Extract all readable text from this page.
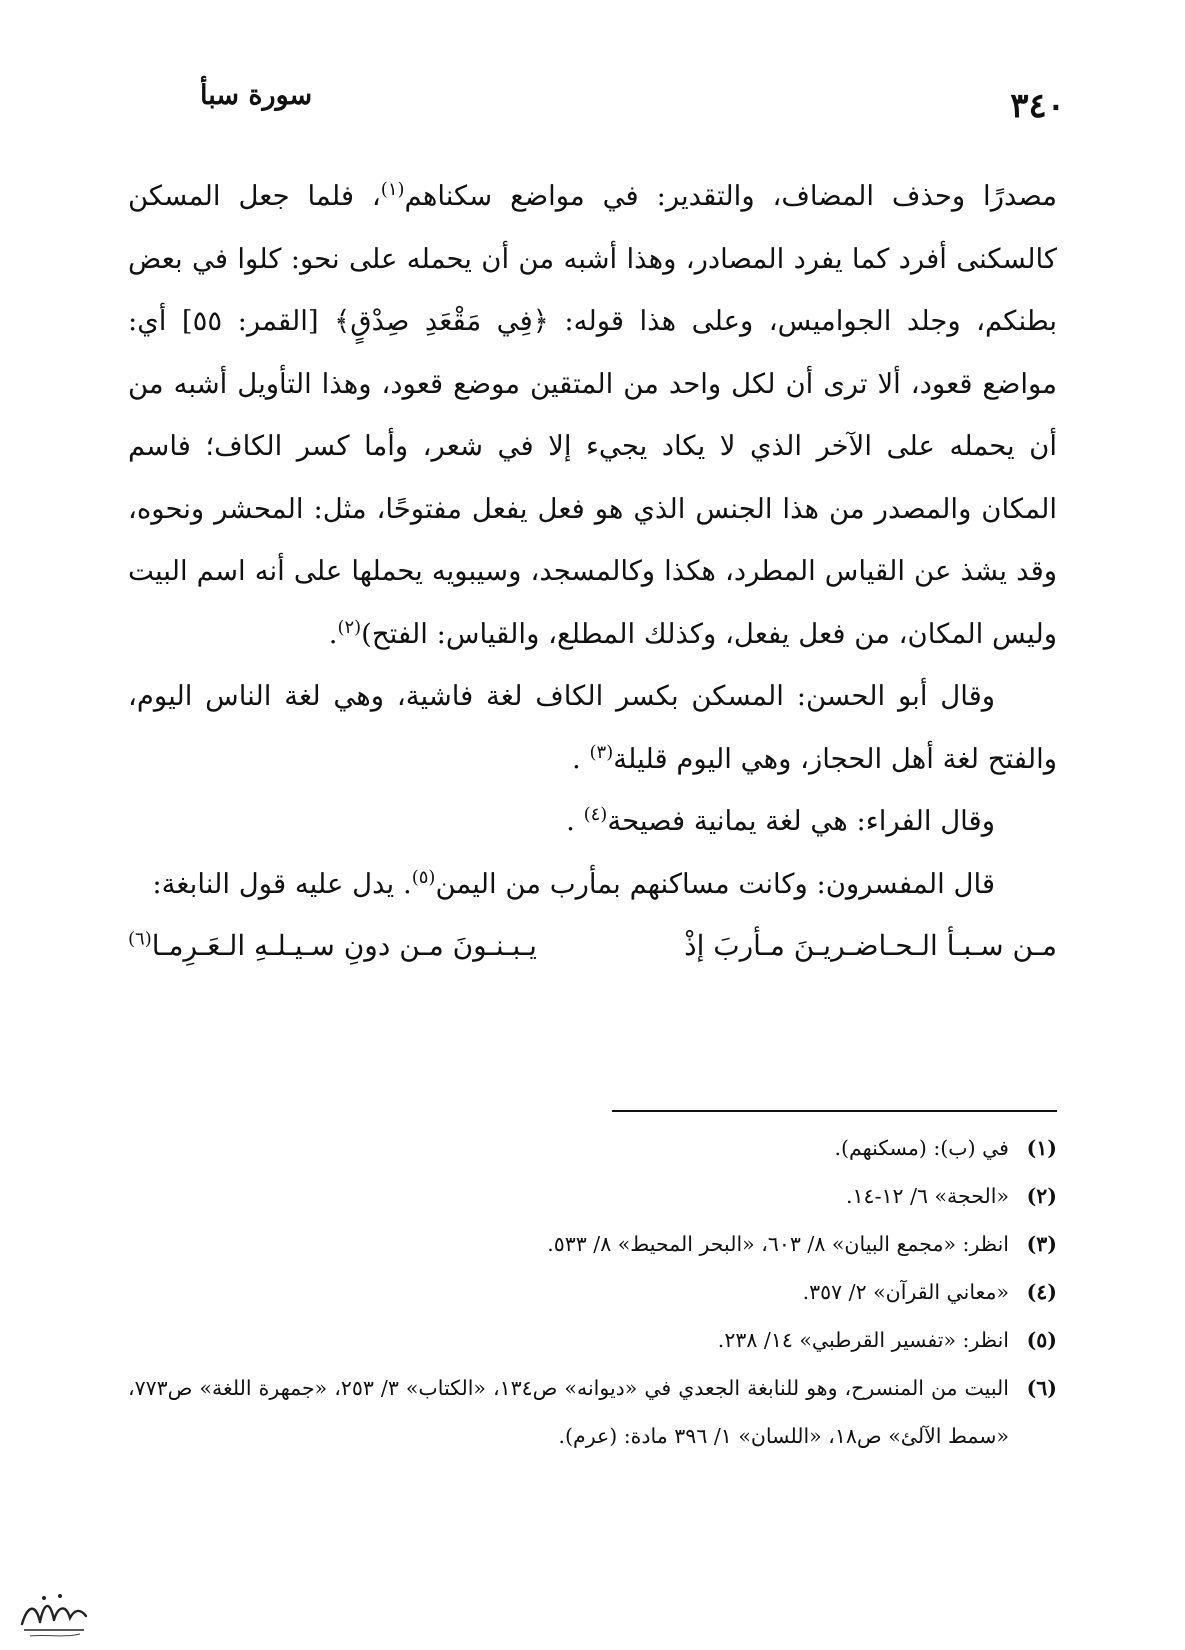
٣٤٠
سورة سبأ

مصدرًا وحذف المضاف، والتقدير: في مواضع سكناهم$^{(١)}$، فلما جعل المسكن كالسكنى أفرد كما يفرد المصادر، وهذا أشبه من أن يحمله على نحو: كلوا في بعض بطنكم، وجلد الجواميس، وعلى هذا قوله: ﴿فِي مَقْعَدِ صِدْقٍ﴾ [القمر: ٥٥] أي: مواضع قعود، ألا ترى أن لكل واحد من المتقين موضع قعود، وهذا التأويل أشبه من أن يحمله على الآخر الذي لا يكاد يجيء إلا في شعر، وأما كسر الكاف؛ فاسم المكان والمصدر من هذا الجنس الذي هو فعل يفعل مفتوحًا، مثل: المحشر ونحوه، وقد يشذ عن القياس المطرد، هكذا وكالمسجد، وسيبويه يحملها على أنه اسم البيت وليس المكان، من فعل يفعل، وكذلك المطلع، والقياس: الفتح)$^{(٢)}$.

وقال أبو الحسن: المسكن بكسر الكاف لغة فاشية، وهي لغة الناس اليوم، والفتح لغة أهل الحجاز، وهي اليوم قليلة$^{(٣)}$ .

وقال الفراء: هي لغة يمانية فصيحة$^{(٤)}$ .

قال المفسرون: وكانت مساكنهم بمأرب من اليمن$^{(٥)}$. يدل عليه قول النابغة:

مـن سـبـأ الـحـاضـريـنَ مـأربَ إذْ
يـبـنـونَ مـن دونِ سـيـلـهِ الـعَـرِمـا$^{(٦)}$
(١)
في (ب): (مسكنهم).
(٢)
«الحجة» ٦/ ١٢-١٤.
(٣)
انظر: «مجمع البيان» ٨/ ٦٠٣، «البحر المحيط» ٨/ ٥٣٣.
(٤)
«معاني القرآن» ٢/ ٣٥٧.
(٥)
انظر: «تفسير القرطبي» ١٤/ ٢٣٨.
(٦)
البيت من المنسرح، وهو للنابغة الجعدي في «ديوانه» ص١٣٤، «الكتاب» ٣/ ٢٥٣، «جمهرة اللغة» ص٧٧٣، «سمط الآلئ» ص١٨، «اللسان» ١/ ٣٩٦ مادة: (عرم).
